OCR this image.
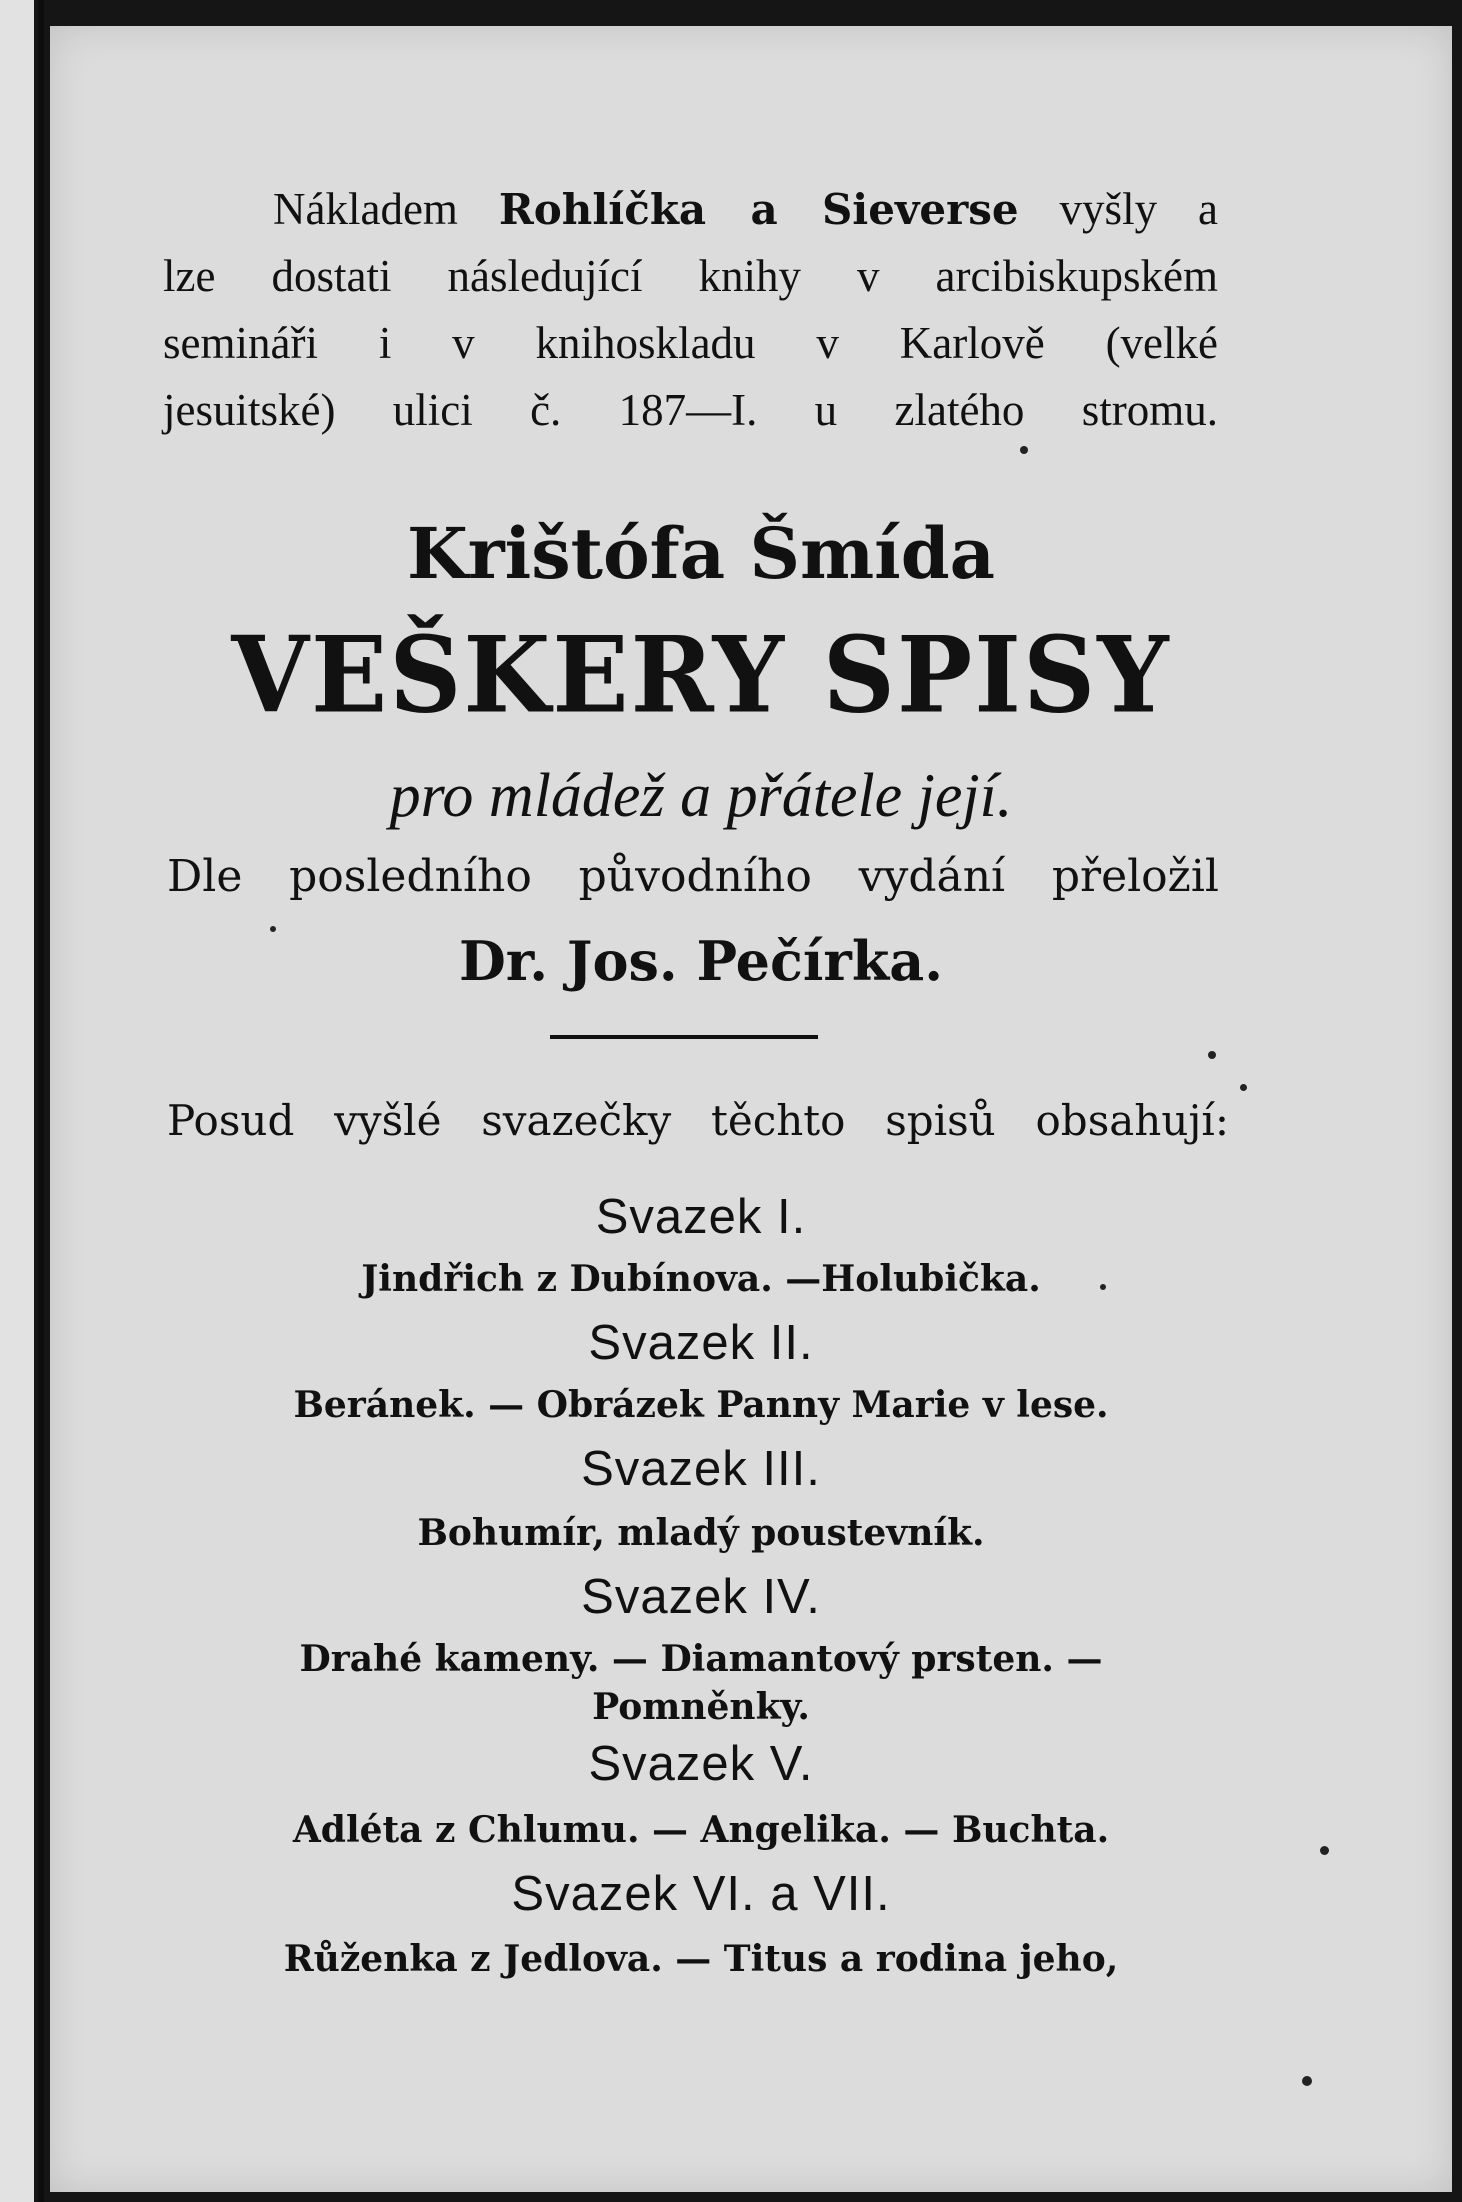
Nákladem Rohlíčka a Sieverse vyšly a
lze dostati následující knihy v arcibiskupském
semináři i v knihoskladu v Karlově (velké
jesuitské) ulici č. 187—I. u zlatého stromu.
Krištófa Šmída
VEŠKERY SPISY
pro mládež a přátele její.
Dle posledního původního vydání přeložil
Dr. Jos. Pečírka.
Posud vyšlé svazečky těchto spisů obsahují:
Svazek I.
Jindřich z Dubínova. —Holubička.
Svazek II.
Beránek. — Obrázek Panny Marie v lese.
Svazek III.
Bohumír, mladý poustevník.
Svazek IV.
Drahé kameny. — Diamantový prsten. —
Pomněnky.
Svazek V.
Adléta z Chlumu. — Angelika. — Buchta.
Svazek VI. a VII.
Růženka z Jedlova. — Titus a rodina jeho,
